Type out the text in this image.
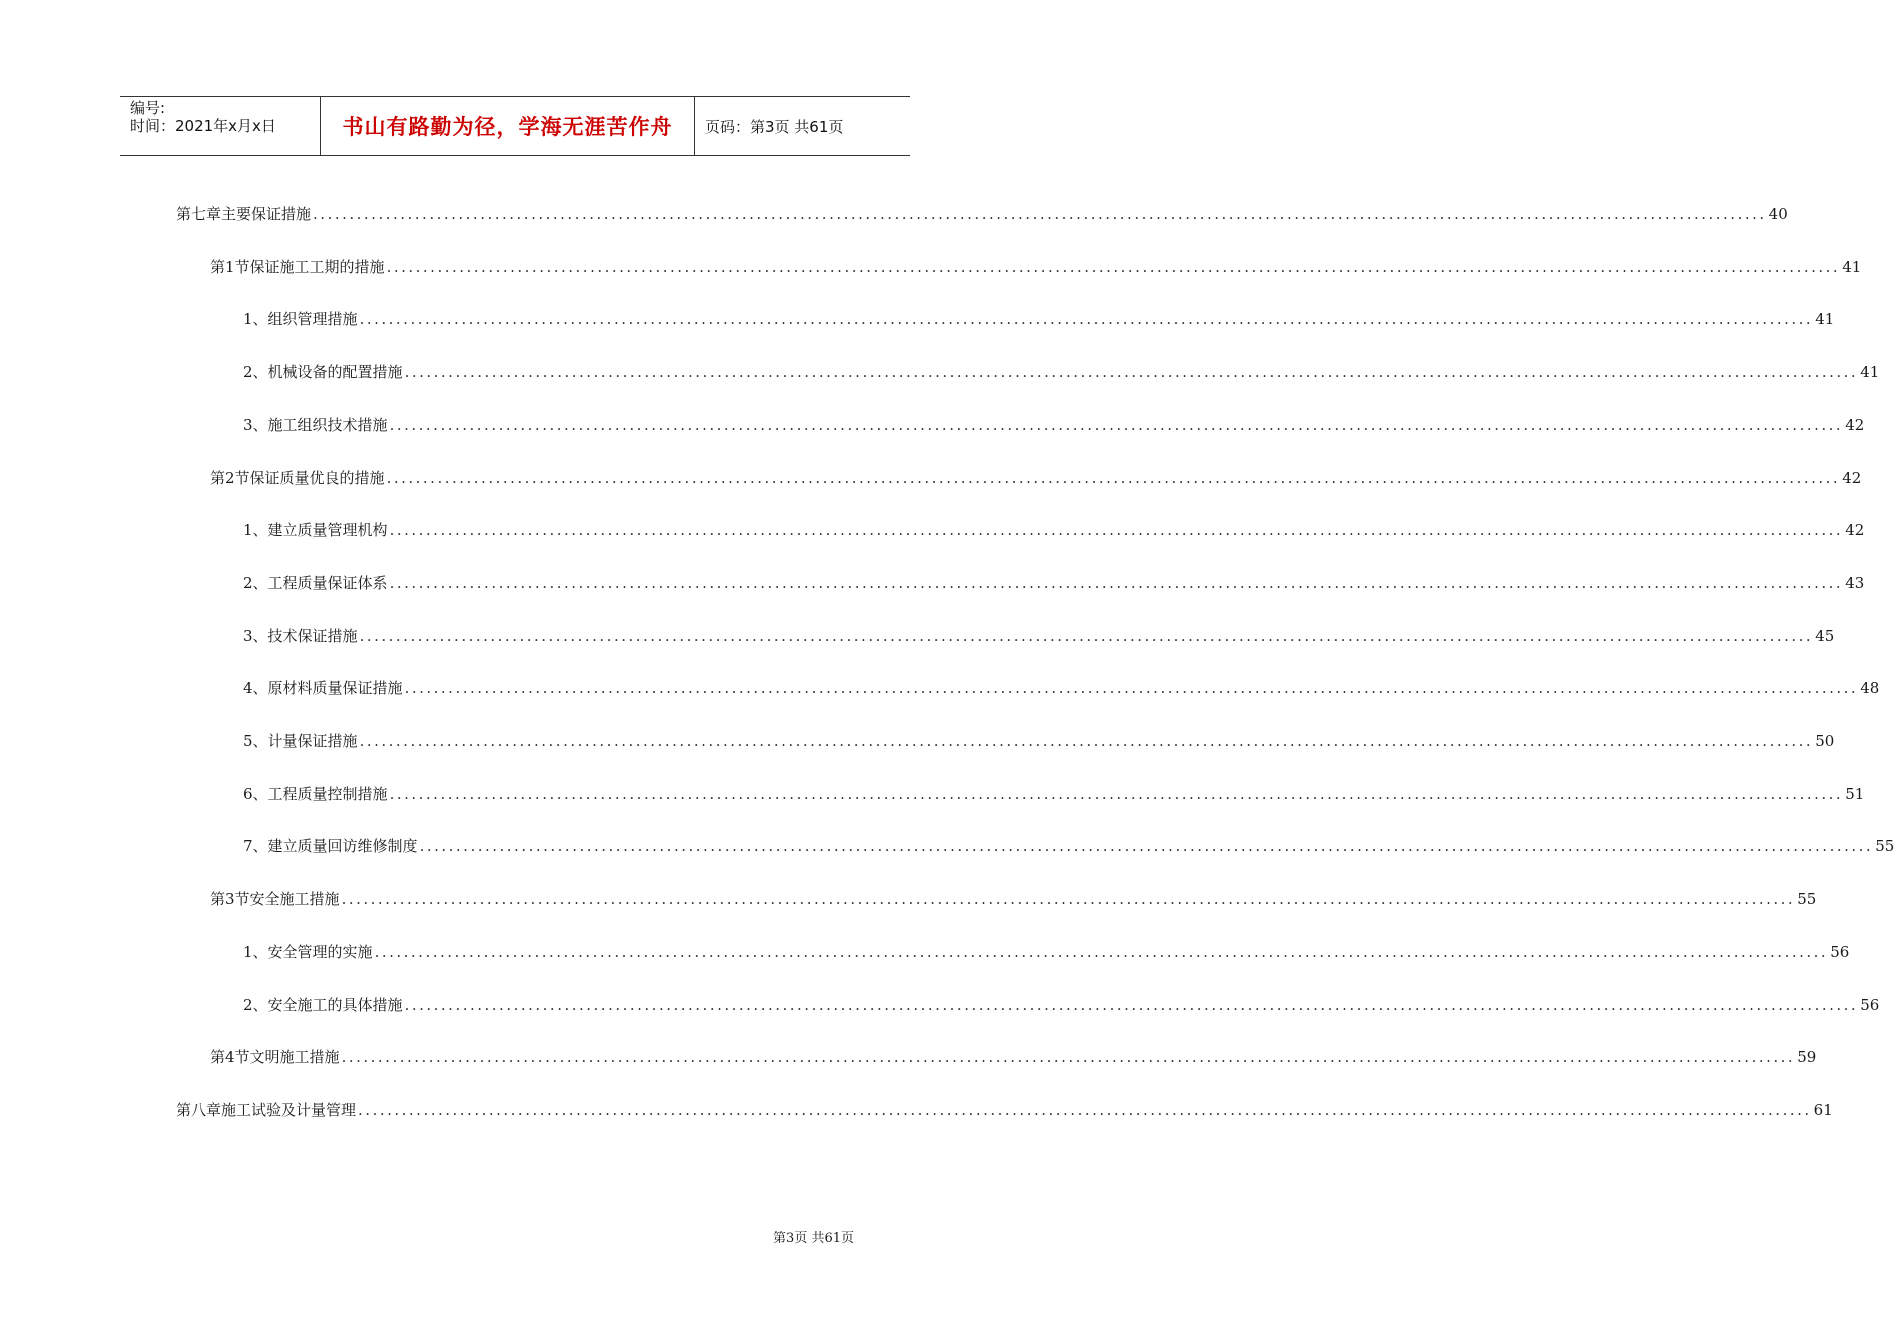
编号:
时间：2021年x月x日	书山有路勤为径，学海无涯苦作舟 页码：第3页 共61页
第七章 主要保证措施 ........................................................................................................................................................................................................ 40
第1节 保证施工工期的措施 ........................................................................................................................................................................................................ 41
1、 组织管理措施 ........................................................................................................................................................................................................ 41
2、 机械设备的配置措施 ........................................................................................................................................................................................................ 41
3、 施工组织技术措施 ........................................................................................................................................................................................................ 42
第2节 保证质量优良的措施 ........................................................................................................................................................................................................ 42
1、 建立质量管理机构 ........................................................................................................................................................................................................ 42
2、 工程质量保证体系 ........................................................................................................................................................................................................ 43
3、 技术保证措施 ........................................................................................................................................................................................................ 45
4、 原材料质量保证措施 ........................................................................................................................................................................................................ 48
5、 计量保证措施 ........................................................................................................................................................................................................ 50
6、 工程质量控制措施 ........................................................................................................................................................................................................ 51
7、 建立质量回访维修制度 ........................................................................................................................................................................................................ 55
第3节 安全施工措施 ........................................................................................................................................................................................................ 55
1、 安全管理的实施 ........................................................................................................................................................................................................ 56
2、 安全施工的具体措施 ........................................................................................................................................................................................................ 56
第4节 文明施工措施 ........................................................................................................................................................................................................ 59
第八章 施工试验及计量管理 ........................................................................................................................................................................................................ 61
第3页 共61页
